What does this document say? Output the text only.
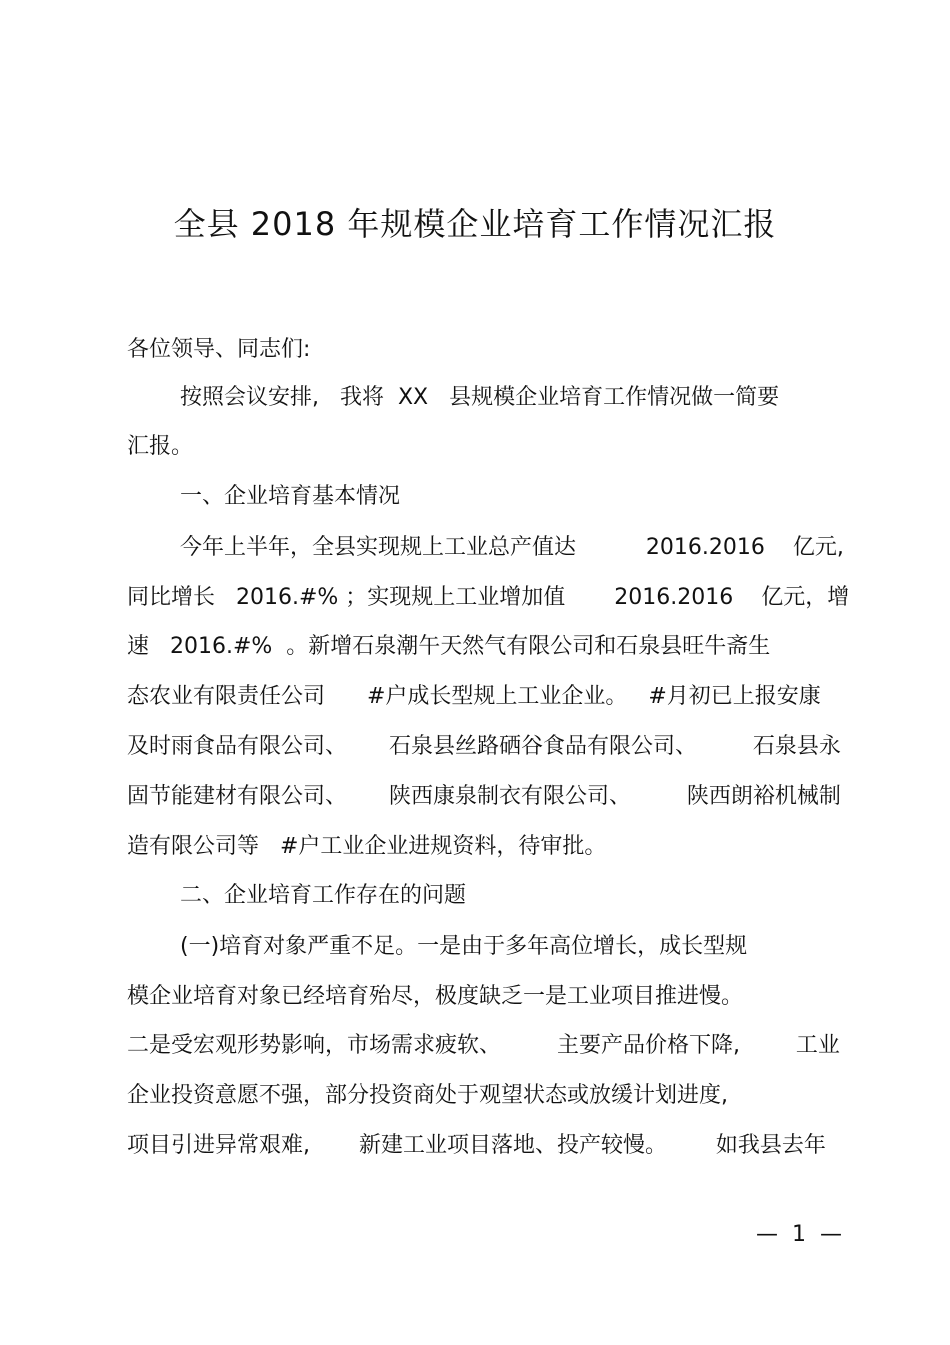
全县 2018 年规模企业培育工作情况汇报
各位领导、同志们:
按照会议安排,   我将  XX   县规模企业培育工作情况做一简要
汇报。
一、企业培育基本情况
今年上半年，全县实现规上工业总产值达          2016.2016    亿元,
同比增长   2016.#% ；实现规上工业增加值       2016.2016    亿元，增
速   2016.#%  。新增石泉潮午天然气有限公司和石泉县旺牛斋生
态农业有限责任公司      #户成长型规上工业企业。   #月初已上报安康
及时雨食品有限公司、      石泉县丝路硒谷食品有限公司、        石泉县永
固节能建材有限公司、      陕西康泉制衣有限公司、        陕西朗裕机械制
造有限公司等   #户工业企业进规资料，待审批。
二、企业培育工作存在的问题
(一)培育对象严重不足。一是由于多年高位增长，成长型规
模企业培育对象已经培育殆尽，极度缺乏一是工业项目推进慢。
二是受宏观形势影响，市场需求疲软、        主要产品价格下降,        工业
企业投资意愿不强，部分投资商处于观望状态或放缓计划进度,
项目引进异常艰难,       新建工业项目落地、投产较慢。       如我县去年
—  1  —
